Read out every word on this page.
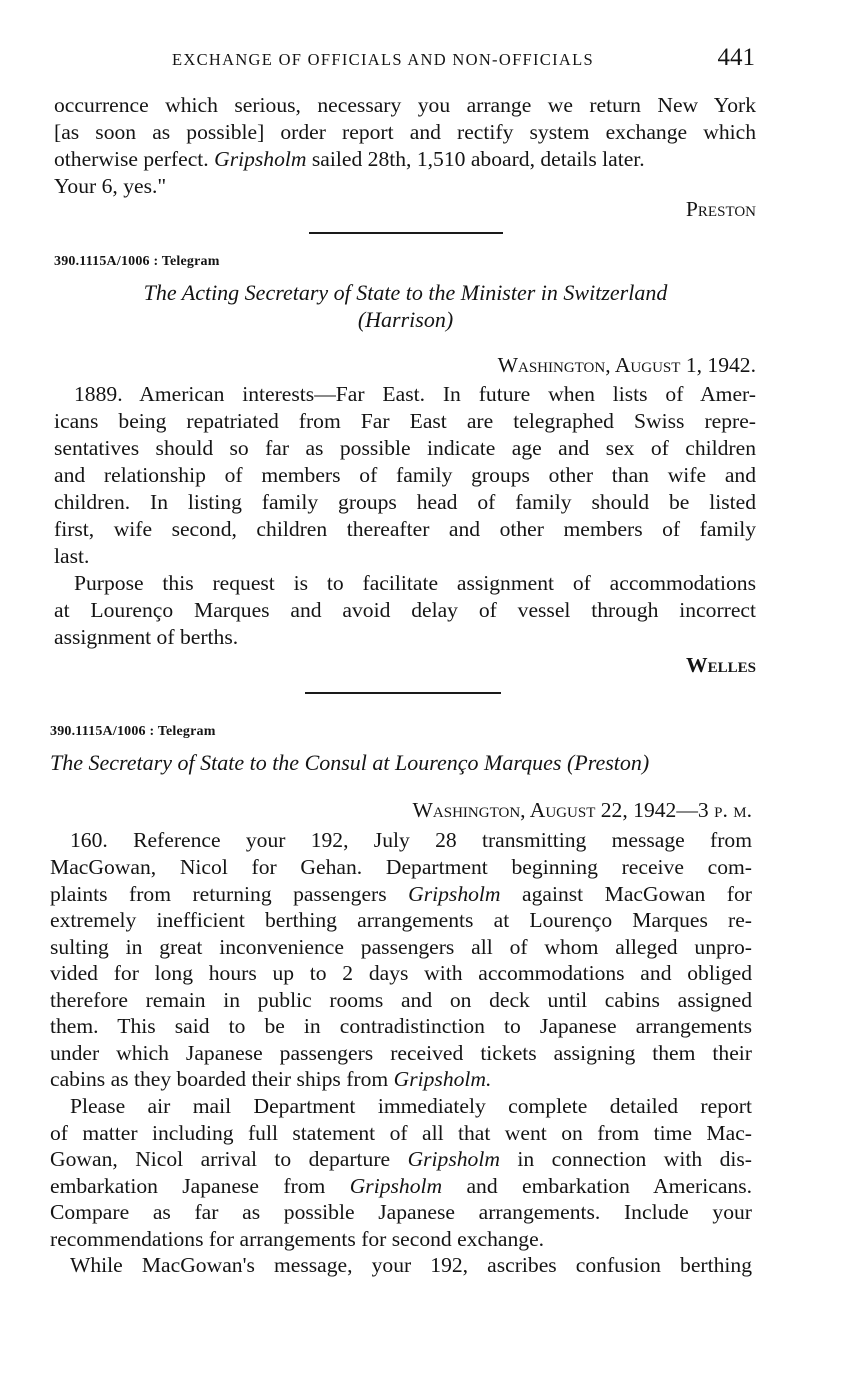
EXCHANGE OF OFFICIALS AND NON-OFFICIALS	441
occurrence which serious, necessary you arrange we return New York
[as soon as possible] order report and rectify system exchange which
otherwise perfect. Gripsholm sailed 28th, 1,510 aboard, details later.
Your 6, yes."
Preston
390.1115A/1006 : Telegram
The Acting Secretary of State to the Minister in Switzerland
(Harrison)
Washington, August 1, 1942.
1889. American interests—Far East. In future when lists of Amer-
icans being repatriated from Far East are telegraphed Swiss repre-
sentatives should so far as possible indicate age and sex of children
and relationship of members of family groups other than wife and
children. In listing family groups head of family should be listed
first, wife second, children thereafter and other members of family
last.
Purpose this request is to facilitate assignment of accommodations
at Lourenço Marques and avoid delay of vessel through incorrect
assignment of berths.
Welles
390.1115A/1006 : Telegram
The Secretary of State to the Consul at Lourenço Marques (Preston)
Washington, August 22, 1942—3 p. m.
160. Reference your 192, July 28 transmitting message from
MacGowan, Nicol for Gehan. Department beginning receive com-
plaints from returning passengers Gripsholm against MacGowan for
extremely inefficient berthing arrangements at Lourenço Marques re-
sulting in great inconvenience passengers all of whom alleged unpro-
vided for long hours up to 2 days with accommodations and obliged
therefore remain in public rooms and on deck until cabins assigned
them. This said to be in contradistinction to Japanese arrangements
under which Japanese passengers received tickets assigning them their
cabins as they boarded their ships from Gripsholm.
Please air mail Department immediately complete detailed report
of matter including full statement of all that went on from time Mac-
Gowan, Nicol arrival to departure Gripsholm in connection with dis-
embarkation Japanese from Gripsholm and embarkation Americans.
Compare as far as possible Japanese arrangements. Include your
recommendations for arrangements for second exchange.
While MacGowan's message, your 192, ascribes confusion berthing
